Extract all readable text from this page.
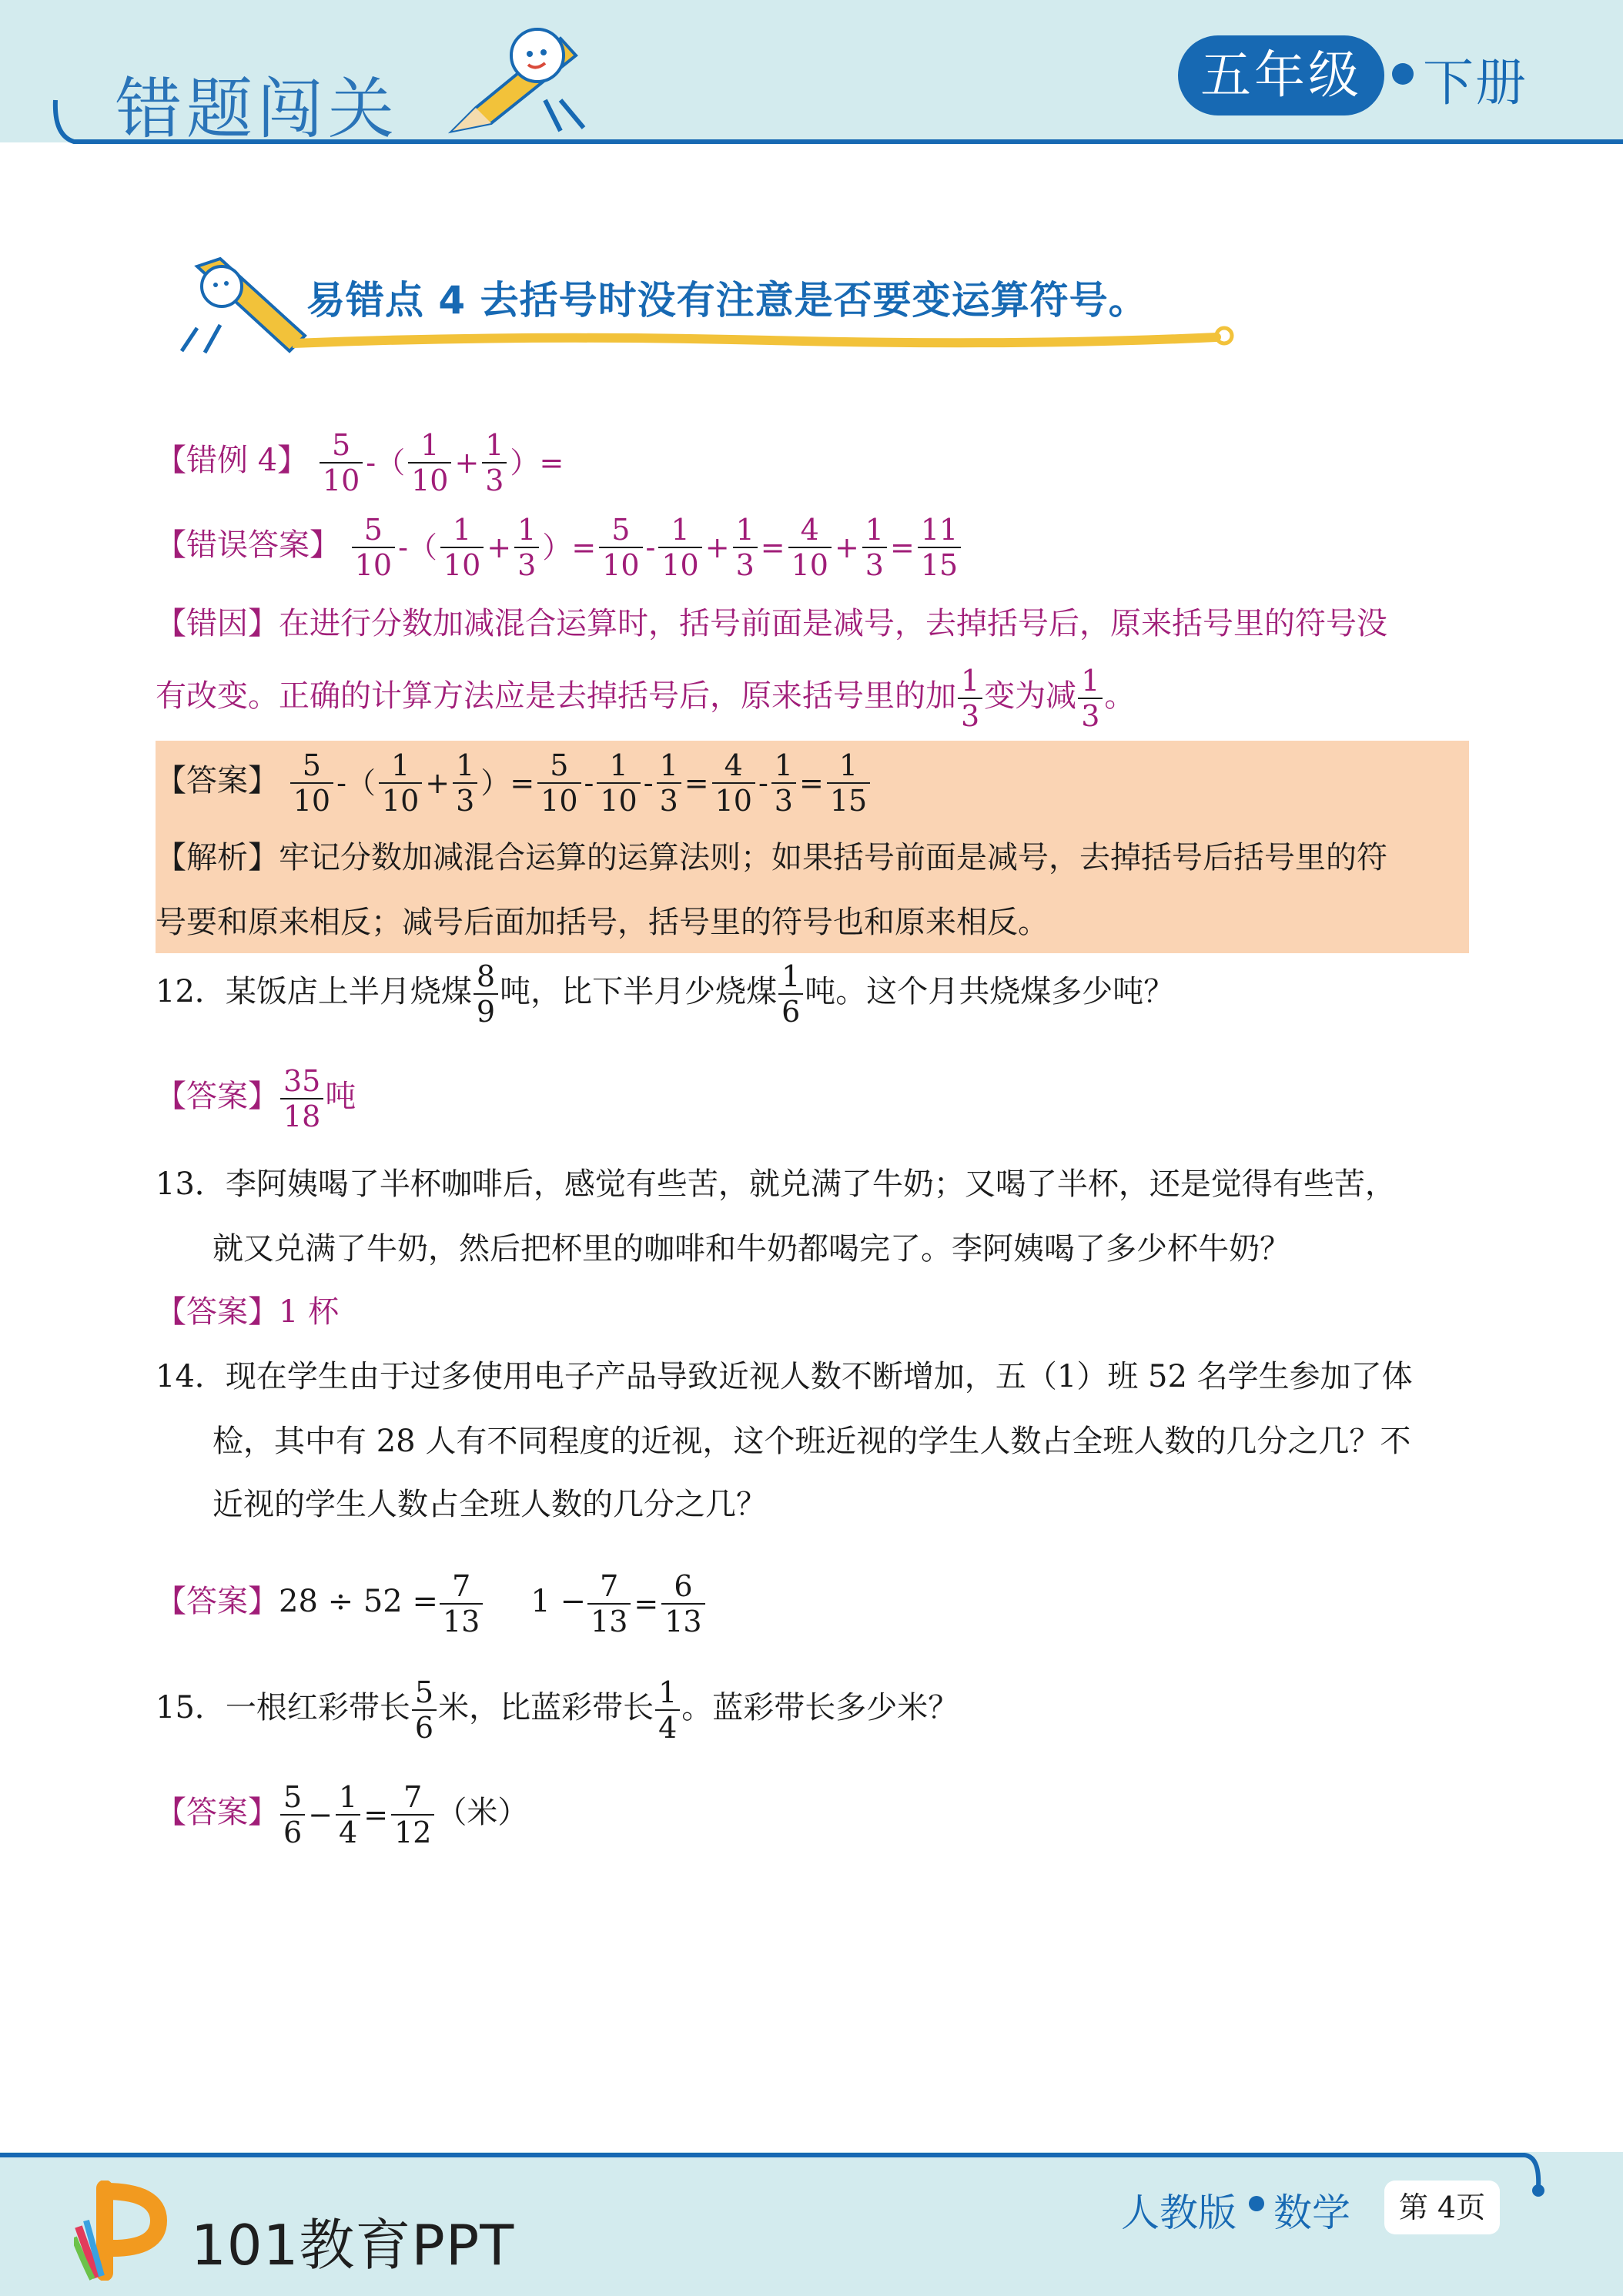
错题闯关	五年级	下册
易错点 4 去括号时没有注意是否要变运算符号。
【错例 4】 $\frac{5}{10}$ -（ $\frac{1}{10} + \frac{1}{3}$ ）=
【错误答案】 $\frac{5}{10}$ -（ $\frac{1}{10} + \frac{1}{3}$ ）= $\frac{5}{10} - \frac{1}{10} + \frac{1}{3} = \frac{4}{10} + \frac{1}{3} = \frac{11}{15}$
【错因】在进行分数加减混合运算时，括号前面是减号，去掉括号后，原来括号里的符号没
有改变。正确的计算方法应是去掉括号后，原来括号里的加 $\frac{1}{3}$ 变为减 $\frac{1}{3}$ 。
【答案】 $\frac{5}{10}$ -（ $\frac{1}{10} + \frac{1}{3}$ ）= $\frac{5}{10} - \frac{1}{10} - \frac{1}{3} = \frac{4}{10} - \frac{1}{3} = \frac{1}{15}$
【解析】牢记分数加减混合运算的运算法则；如果括号前面是减号，去掉括号后括号里的符
号要和原来相反；减号后面加括号，括号里的符号也和原来相反。
12．某饭店上半月烧煤 $\frac{8}{9}$ 吨，比下半月少烧煤 $\frac{1}{6}$ 吨。这个月共烧煤多少吨？
【答案】 $\frac{35}{18}$ 吨
13．李阿姨喝了半杯咖啡后，感觉有些苦，就兑满了牛奶；又喝了半杯，还是觉得有些苦，
就又兑满了牛奶，然后把杯里的咖啡和牛奶都喝完了。李阿姨喝了多少杯牛奶？
【答案】1 杯
14．现在学生由于过多使用电子产品导致近视人数不断增加，五（1）班 52 名学生参加了体
检，其中有 28 人有不同程度的近视，这个班近视的学生人数占全班人数的几分之几？不
近视的学生人数占全班人数的几分之几？
【答案】$28 \div 52 = \frac{7}{13} 1 - \frac{7}{13} = \frac{6}{13}$
15．一根红彩带长 $\frac{5}{6}$ 米，比蓝彩带长 $\frac{1}{4}$ 。蓝彩带长多少米？
【答案】 $\frac{5}{6} - \frac{1}{4} = \frac{7}{12}$ （米）
101教育PPT	人教版 数学	第 4页
